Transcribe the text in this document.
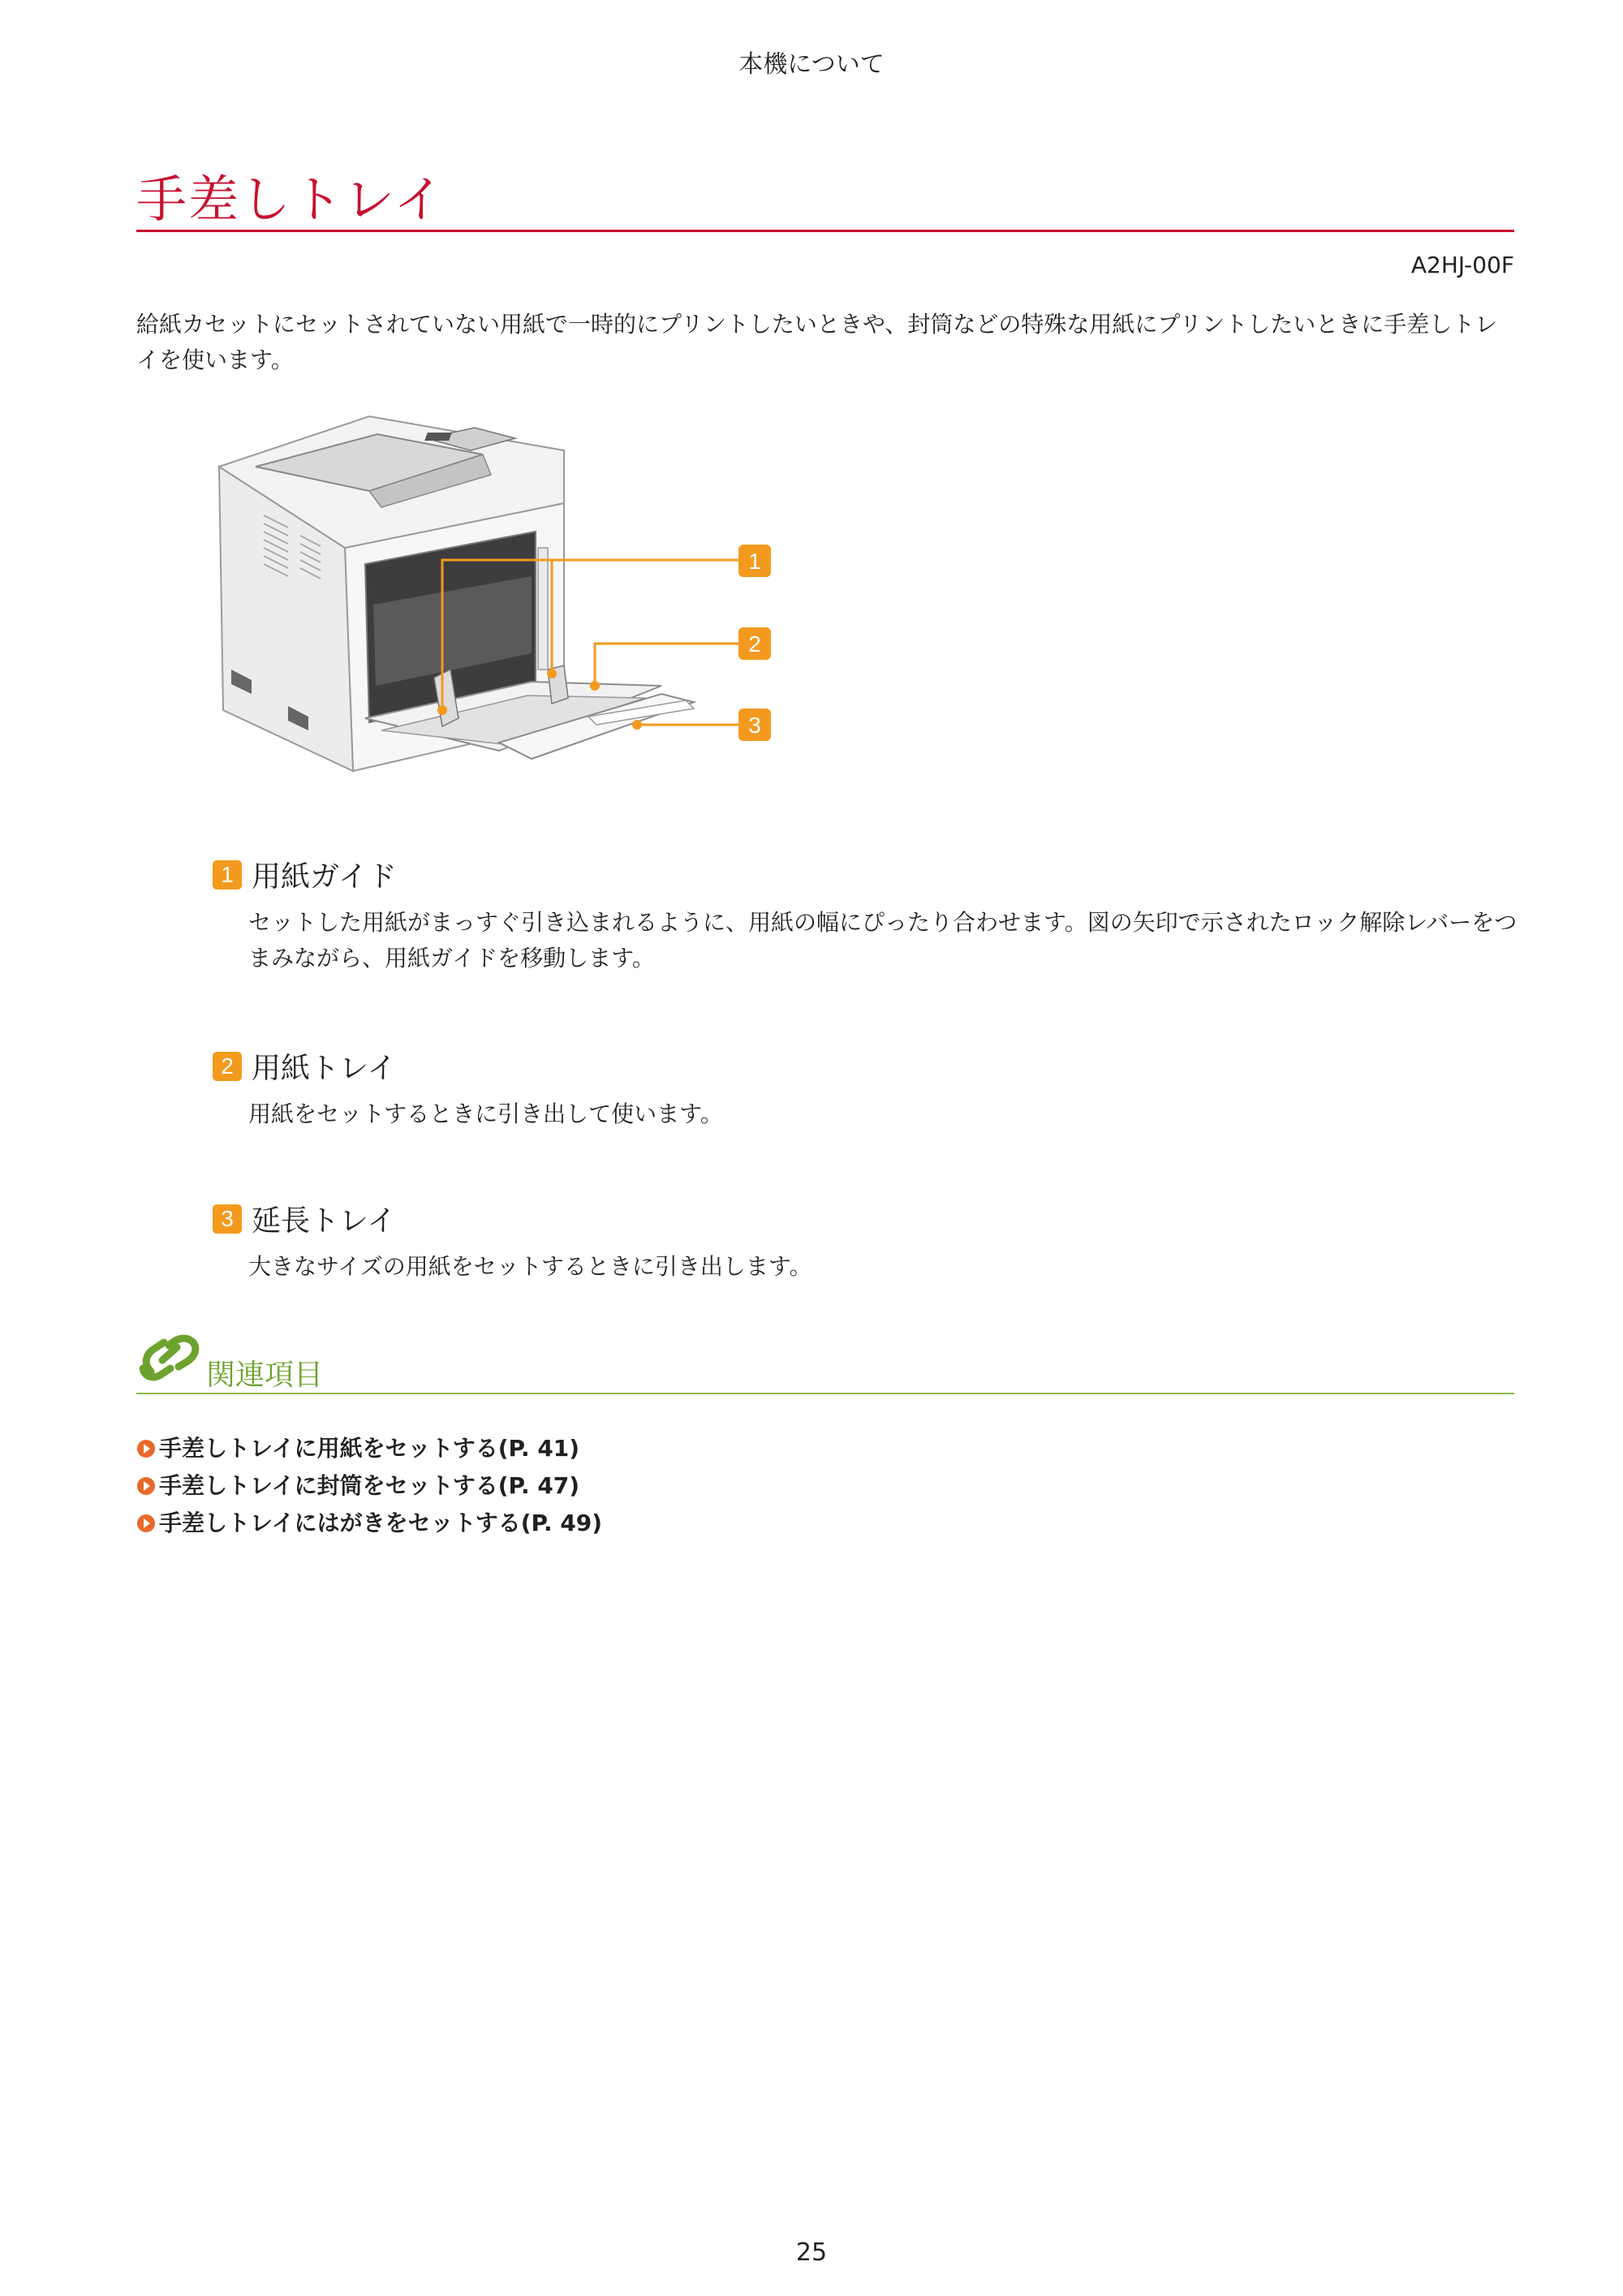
本機について
手差しトレイ
A2HJ-00F
給紙カセットにセットされていない用紙で一時的にプリントしたいときや、封筒などの特殊な用紙にプリントしたいときに手差しトレイを使います。
1
2
3
1 用紙ガイド
セットした用紙がまっすぐ引き込まれるように、用紙の幅にぴったり合わせます。図の矢印で示されたロック解除レバーをつまみながら、用紙ガイドを移動します。
2 用紙トレイ
用紙をセットするときに引き出して使います。
3 延長トレイ
大きなサイズの用紙をセットするときに引き出します。
関連項目
手差しトレイに用紙をセットする(P. 41)
手差しトレイに封筒をセットする(P. 47)
手差しトレイにはがきをセットする(P. 49)
25
